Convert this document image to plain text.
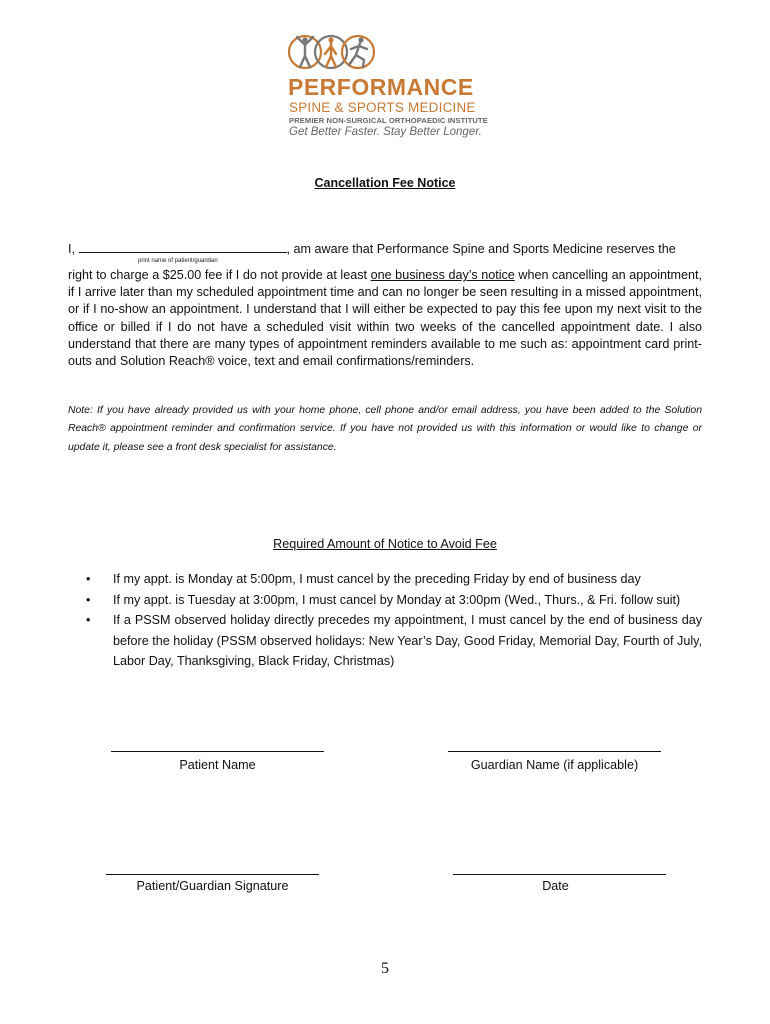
PERFORMANCE
SPINE & SPORTS MEDICINE
PREMIER NON-SURGICAL ORTHOPAEDIC INSTITUTE
Get Better Faster. Stay Better Longer.
Cancellation Fee Notice
I,	, am aware that Performance Spine and Sports Medicine reserves the
print name of patient/guardian
right to charge a $25.00 fee if I do not provide at least one business day’s notice when cancelling an appointment, if I arrive later than my scheduled appointment time and can no longer be seen resulting in a missed appointment, or if I no-show an appointment. I understand that I will either be expected to pay this fee upon my next visit to the office or billed if I do not have a scheduled visit within two weeks of the cancelled appointment date. I also understand that there are many types of appointment reminders available to me such as: appointment card print-outs and Solution Reach® voice, text and email confirmations/reminders.
Note: If you have already provided us with your home phone, cell phone and/or email address, you have been added to the Solution Reach® appointment reminder and confirmation service. If you have not provided us with this information or would like to change or update it, please see a front desk specialist for assistance.
Required Amount of Notice to Avoid Fee
• If my appt. is Monday at 5:00pm, I must cancel by the preceding Friday by end of business day
• If my appt. is Tuesday at 3:00pm, I must cancel by Monday at 3:00pm (Wed., Thurs., & Fri. follow suit)
• If a PSSM observed holiday directly precedes my appointment, I must cancel by the end of business day before the holiday (PSSM observed holidays: New Year’s Day, Good Friday, Memorial Day, Fourth of July, Labor Day, Thanksgiving, Black Friday, Christmas)
Patient Name	Guardian Name (if applicable)
Patient/Guardian Signature	Date
5
